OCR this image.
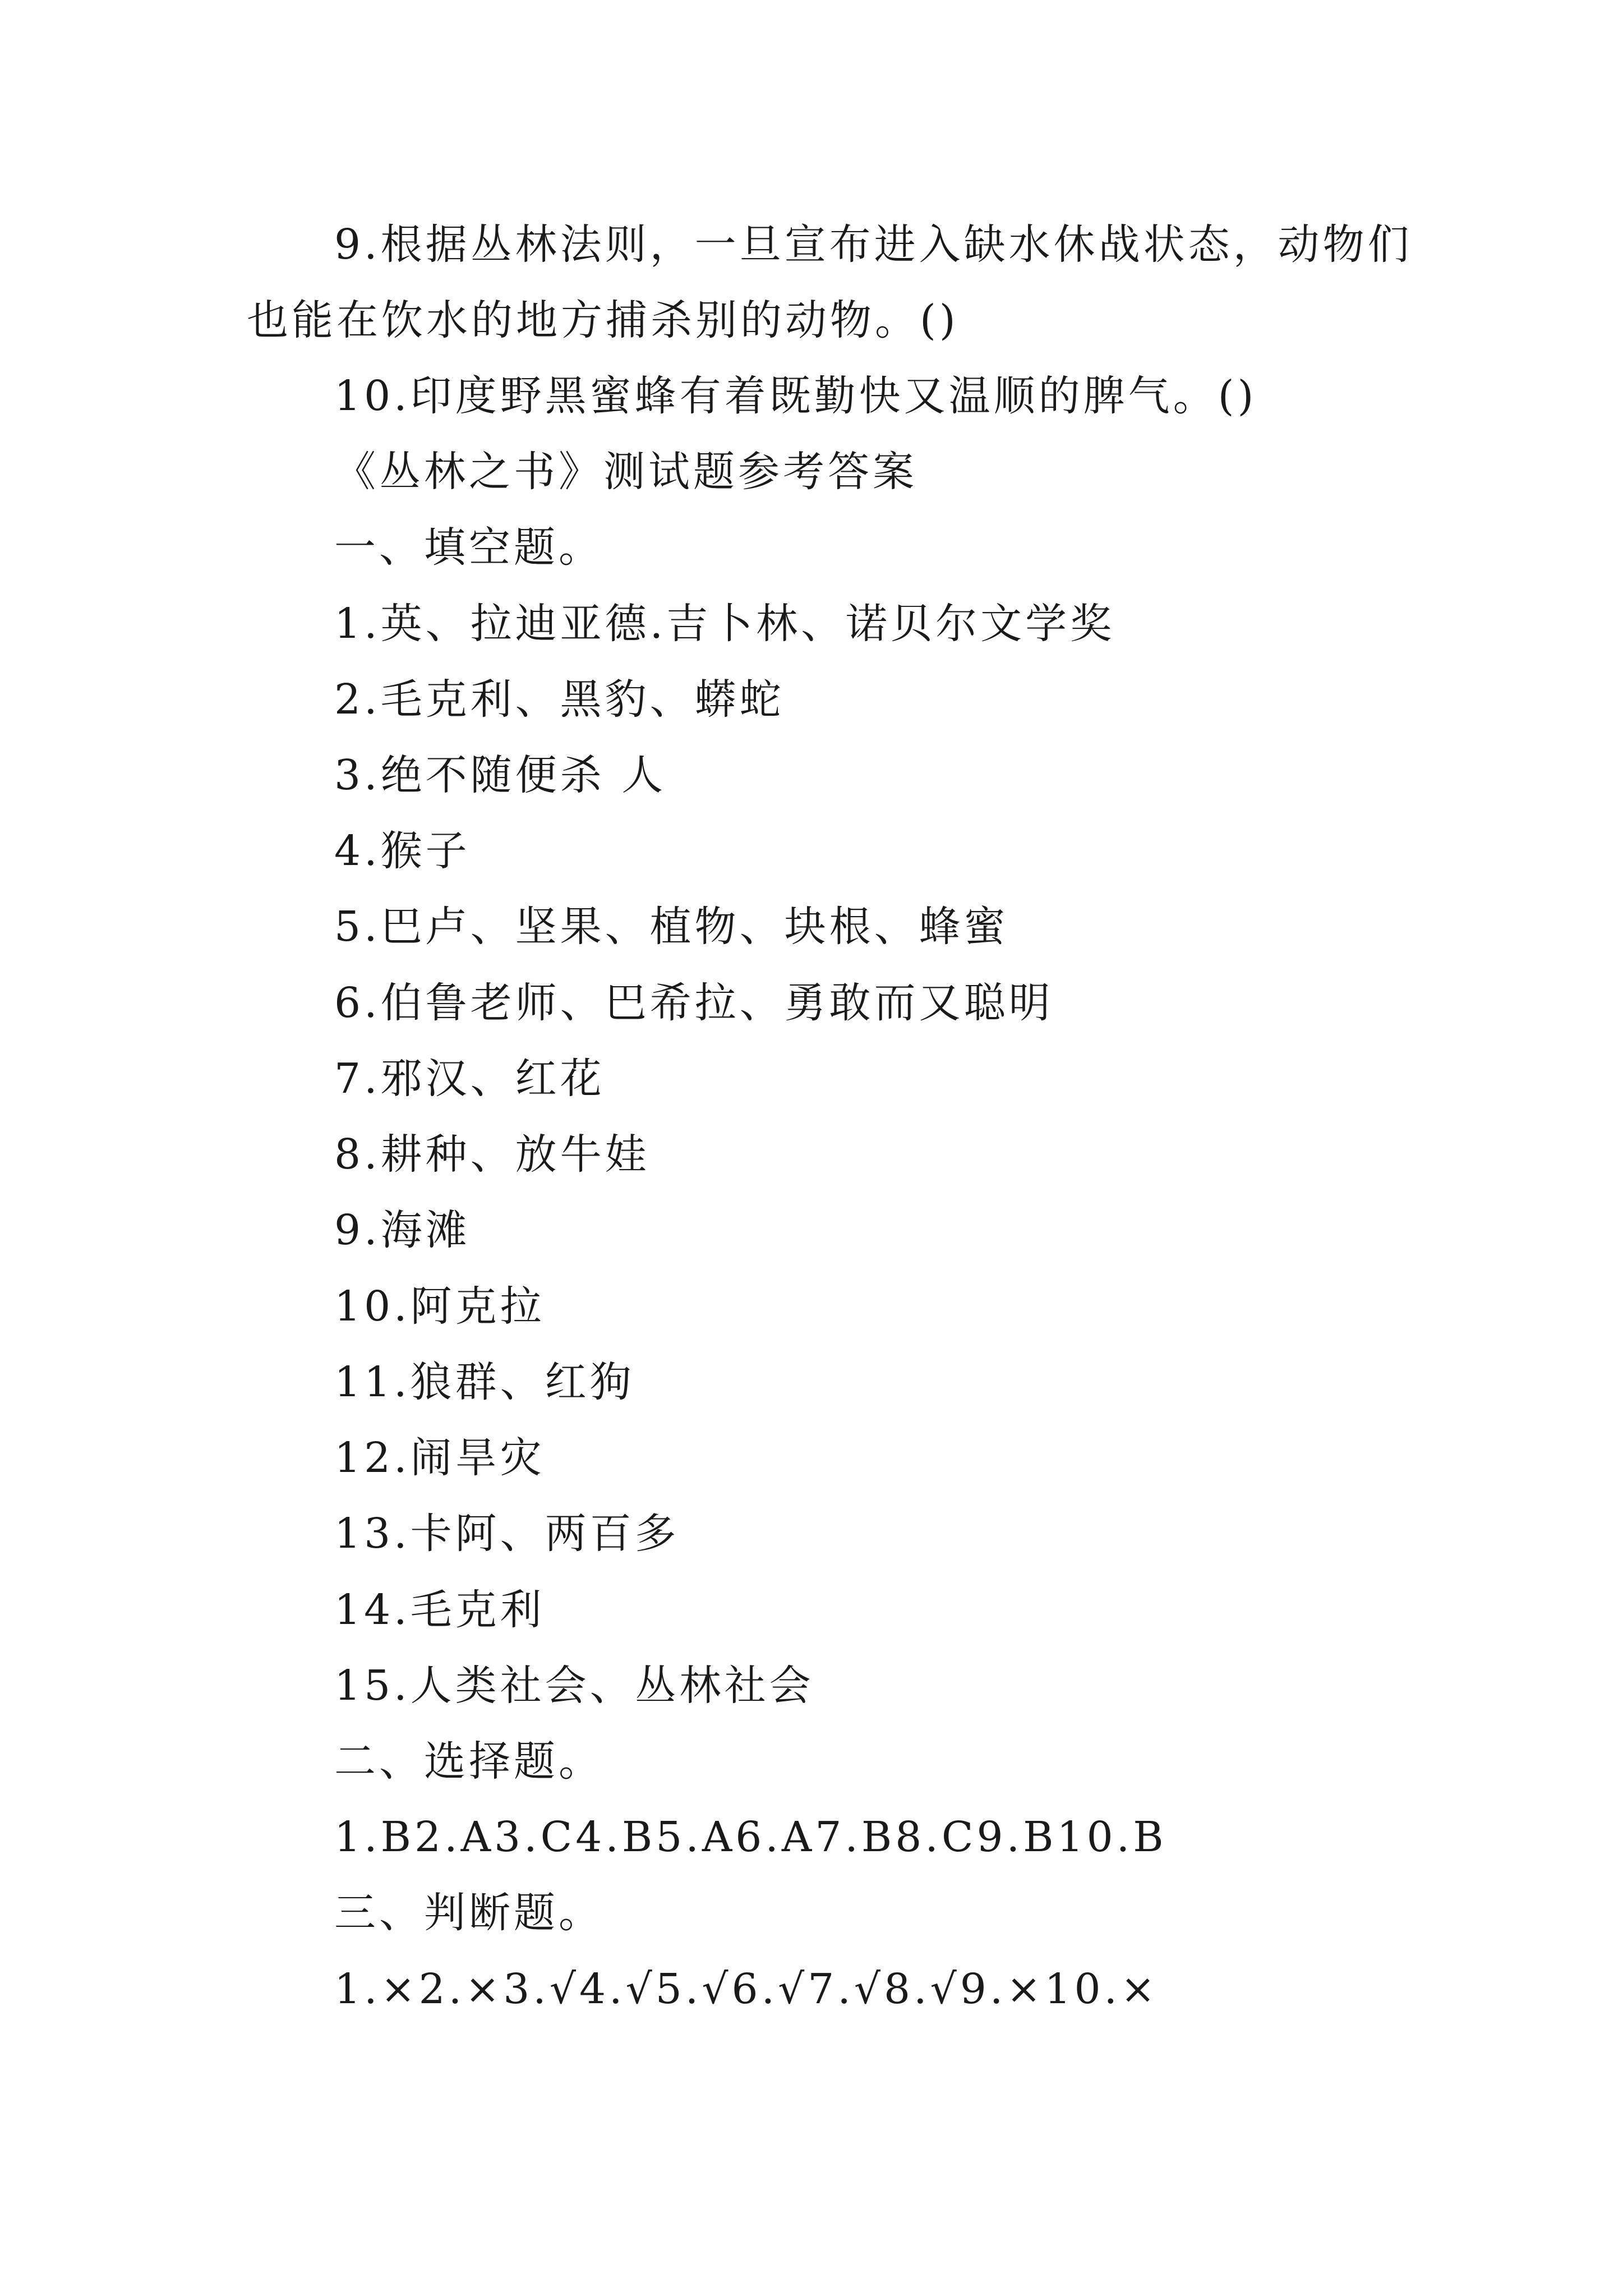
9.根据丛林法则，一旦宣布进入缺水休战状态，动物们

也能在饮水的地方捕杀别的动物。()

10.印度野黑蜜蜂有着既勤快又温顺的脾气。()

《丛林之书》测试题参考答案

一、填空题。

1.英、拉迪亚德.吉卜林、诺贝尔文学奖

2.毛克利、黑豹、蟒蛇

3.绝不随便杀 人

4.猴子

5.巴卢、坚果、植物、块根、蜂蜜

6.伯鲁老师、巴希拉、勇敢而又聪明

7.邪汉、红花

8.耕种、放牛娃

9.海滩

10.阿克拉

11.狼群、红狗

12.闹旱灾

13.卡阿、两百多

14.毛克利

15.人类社会、丛林社会

二、选择题。

1.B2.A3.C4.B5.A6.A7.B8.C9.B10.B

三、判断题。

1.×2.×3.√4.√5.√6.√7.√8.√9.×10.×
